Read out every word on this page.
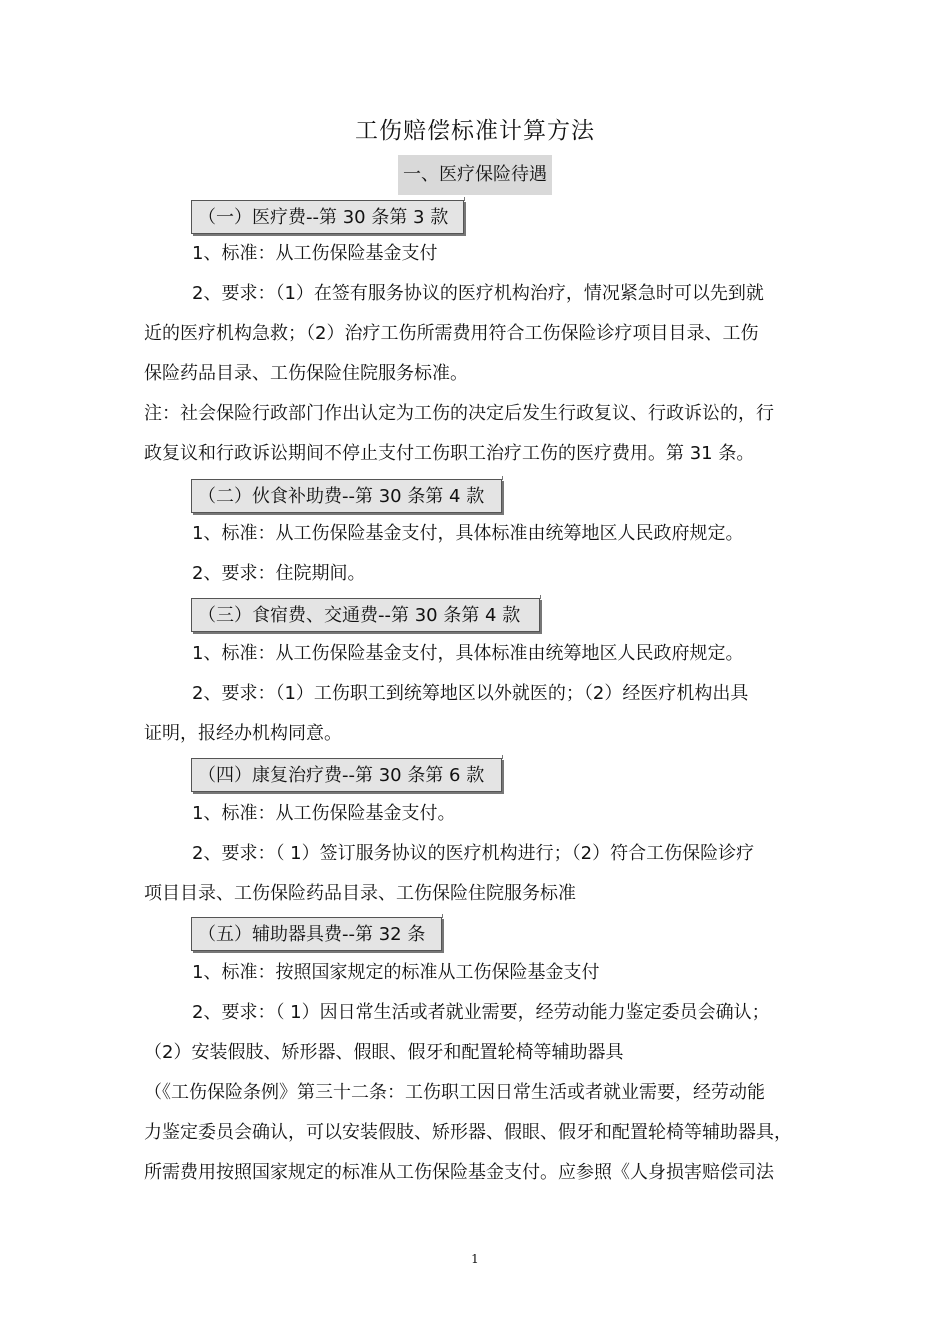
工伤赔偿标准计算方法
一、医疗保险待遇
（一）医疗费--第 30 条第 3 款
1、标准：从工伤保险基金支付
2、要求：（1）在签有服务协议的医疗机构治疗，情况紧急时可以先到就
近的医疗机构急救；（2）治疗工伤所需费用符合工伤保险诊疗项目目录、工伤
保险药品目录、工伤保险住院服务标准。
注：社会保险行政部门作出认定为工伤的决定后发生行政复议、行政诉讼的，行
政复议和行政诉讼期间不停止支付工伤职工治疗工伤的医疗费用。第 31 条。
（二）伙食补助费--第 30 条第 4 款
1、标准：从工伤保险基金支付，具体标准由统筹地区人民政府规定。
2、要求：住院期间。
（三）食宿费、交通费--第 30 条第 4 款
1、标准：从工伤保险基金支付，具体标准由统筹地区人民政府规定。
2、要求：（1）工伤职工到统筹地区以外就医的；（2）经医疗机构出具
证明，报经办机构同意。
（四）康复治疗费--第 30 条第 6 款
1、标准：从工伤保险基金支付。
2、要求：（ 1）签订服务协议的医疗机构进行；（2）符合工伤保险诊疗
项目目录、工伤保险药品目录、工伤保险住院服务标准
（五）辅助器具费--第 32 条
1、标准：按照国家规定的标准从工伤保险基金支付
2、要求：（ 1）因日常生活或者就业需要，经劳动能力鉴定委员会确认；
（2）安装假肢、矫形器、假眼、假牙和配置轮椅等辅助器具
（《工伤保险条例》第三十二条：工伤职工因日常生活或者就业需要，经劳动能
力鉴定委员会确认，可以安装假肢、矫形器、假眼、假牙和配置轮椅等辅助器具，
所需费用按照国家规定的标准从工伤保险基金支付。应参照《人身损害赔偿司法
1
